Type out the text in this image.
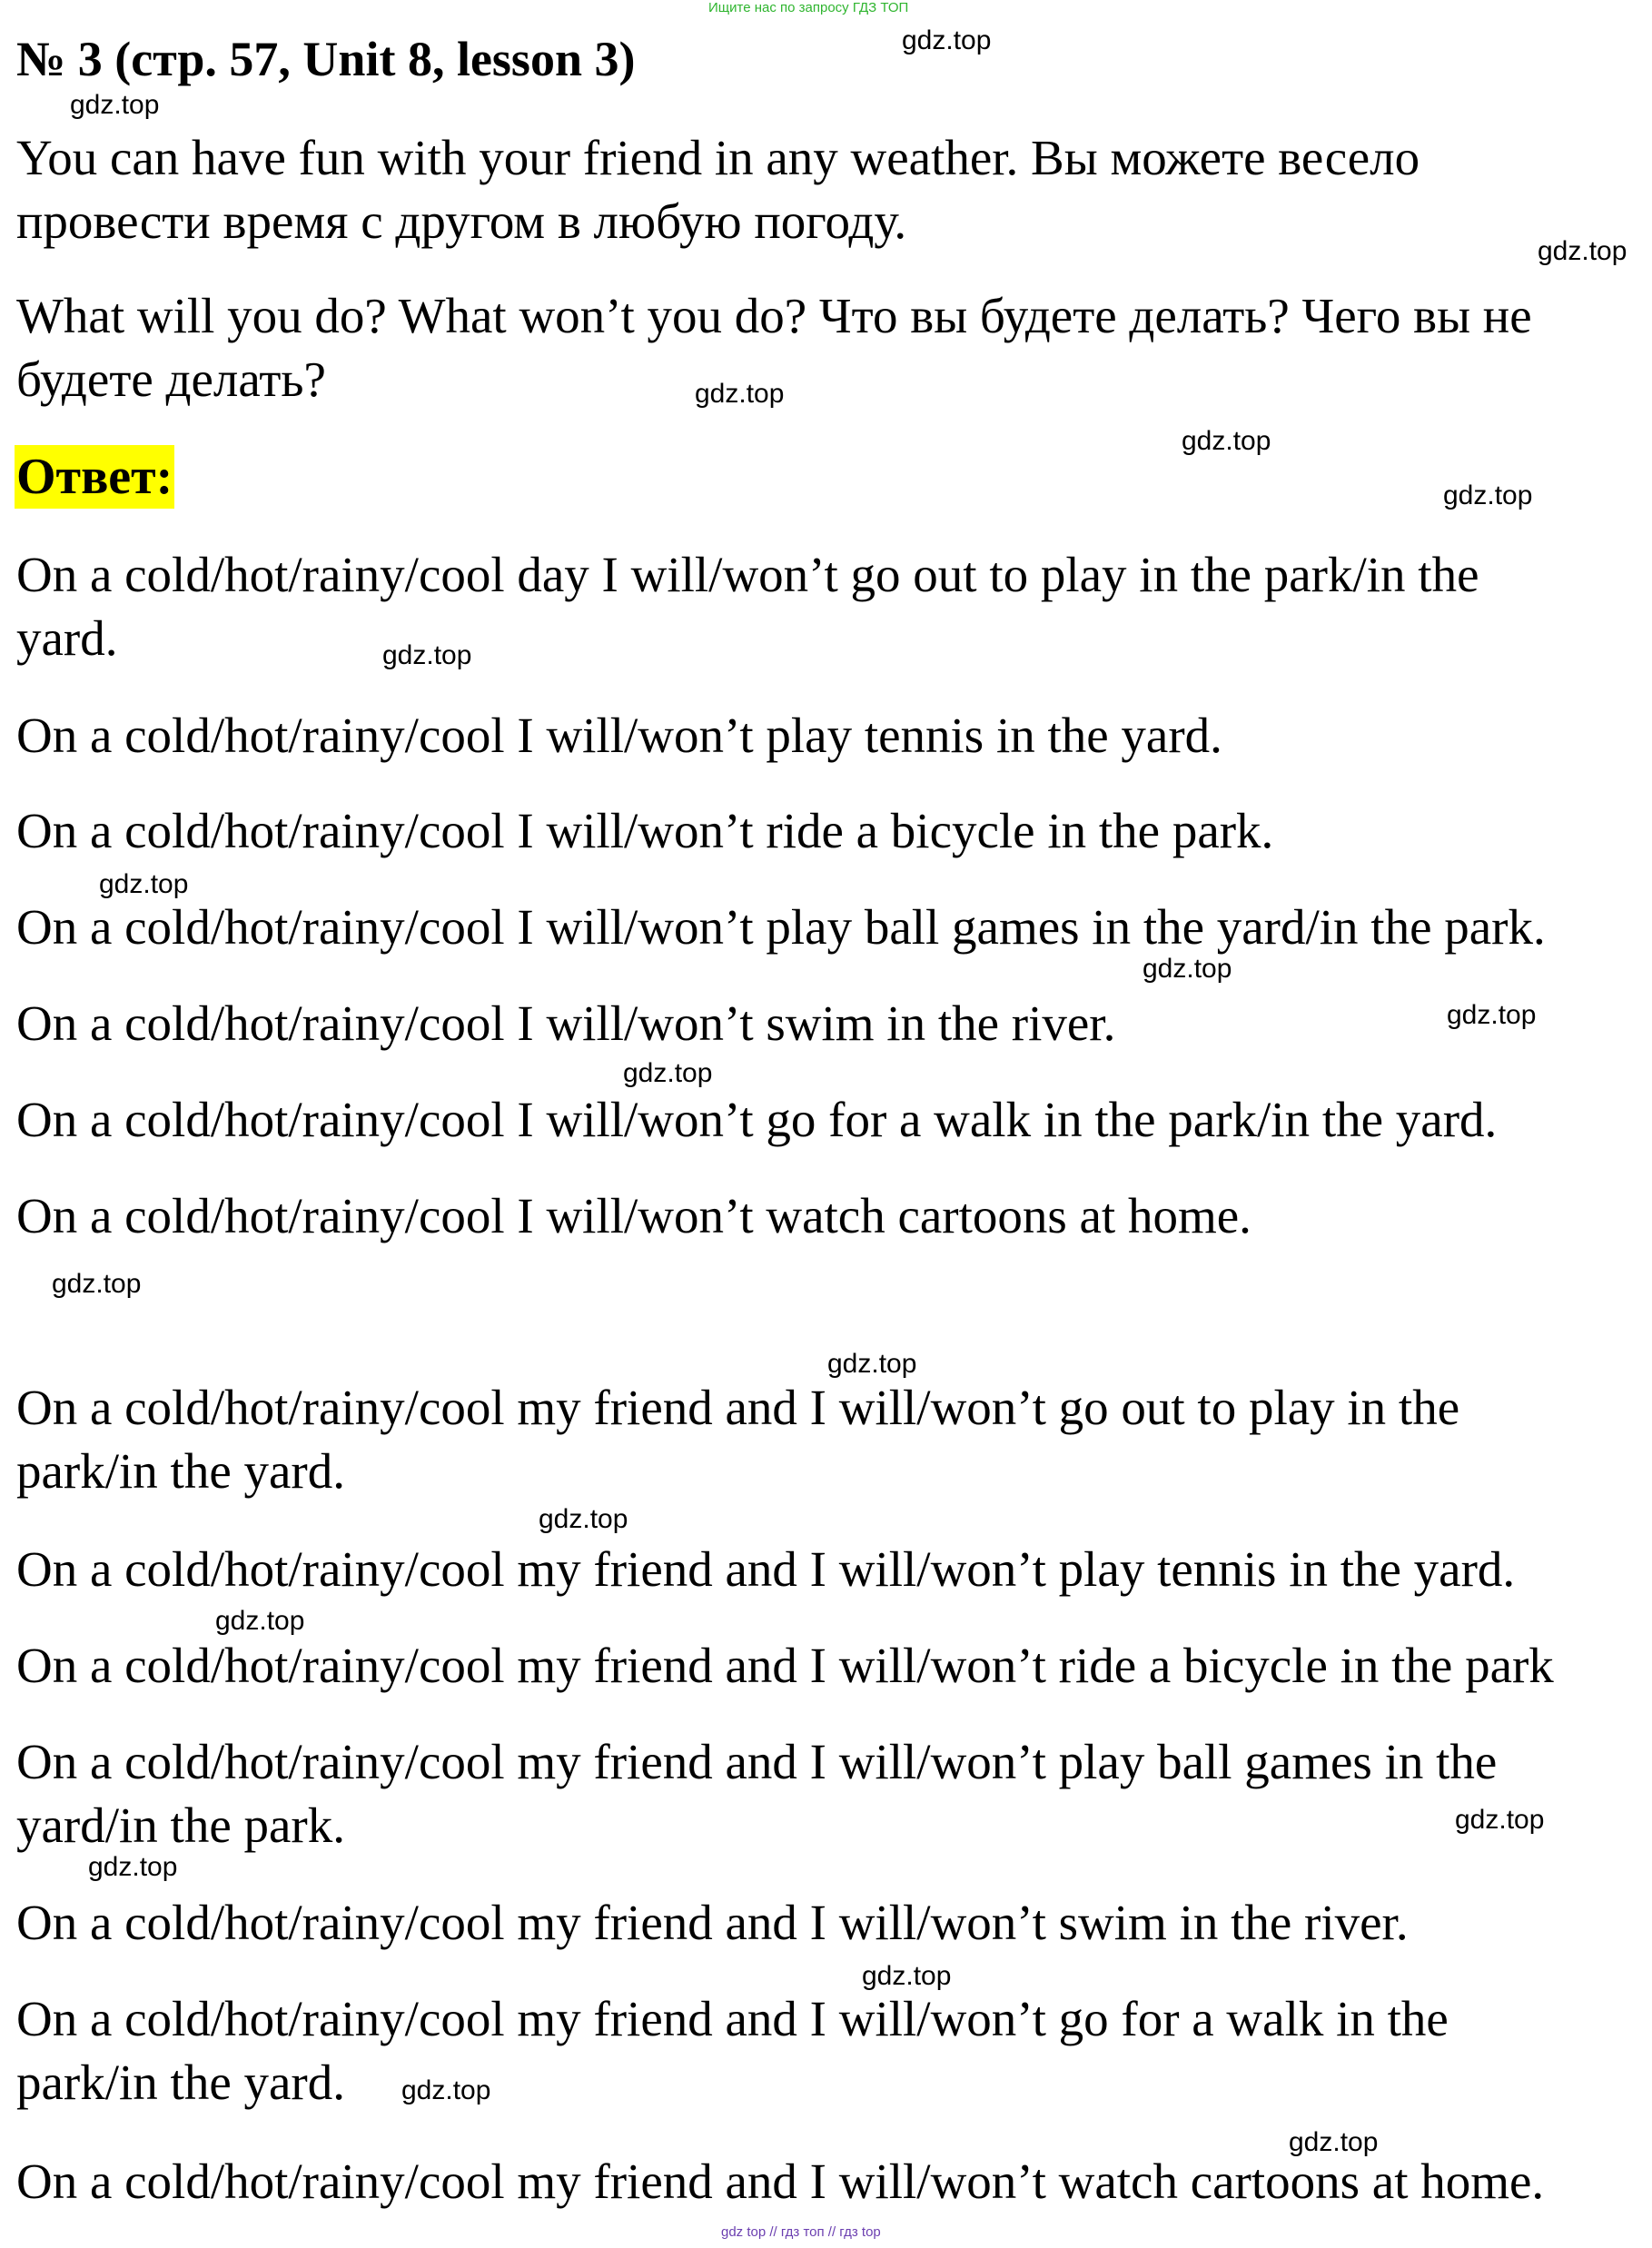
Ищите нас по запросу ГДЗ ТОП
№ 3 (стр. 57, Unit 8, lesson 3)
You can have fun with your friend in any weather. Вы можете весело
провести время с другом в любую погоду.
What will you do? What won’t you do? Что вы будете делать? Чего вы не
будете делать?
Ответ:
On a cold/hot/rainy/cool day I will/won’t go out to play in the park/in the
yard.
On a cold/hot/rainy/cool I will/won’t play tennis in the yard.
On a cold/hot/rainy/cool I will/won’t ride a bicycle in the park.
On a cold/hot/rainy/cool I will/won’t play ball games in the yard/in the park.
On a cold/hot/rainy/cool I will/won’t swim in the river.
On a cold/hot/rainy/cool I will/won’t go for a walk in the park/in the yard.
On a cold/hot/rainy/cool I will/won’t watch cartoons at home.
On a cold/hot/rainy/cool my friend and I will/won’t go out to play in the
park/in the yard.
On a cold/hot/rainy/cool my friend and I will/won’t play tennis in the yard.
On a cold/hot/rainy/cool my friend and I will/won’t ride a bicycle in the park
On a cold/hot/rainy/cool my friend and I will/won’t play ball games in the
yard/in the park.
On a cold/hot/rainy/cool my friend and I will/won’t swim in the river.
On a cold/hot/rainy/cool my friend and I will/won’t go for a walk in the
park/in the yard.
On a cold/hot/rainy/cool my friend and I will/won’t watch cartoons at home.
gdz.top
gdz.top
gdz.top
gdz.top
gdz.top
gdz.top
gdz.top
gdz.top
gdz.top
gdz.top
gdz.top
gdz.top
gdz.top
gdz.top
gdz.top
gdz.top
gdz.top
gdz.top
gdz.top
gdz.top
gdz top // гдз топ // гдз top
